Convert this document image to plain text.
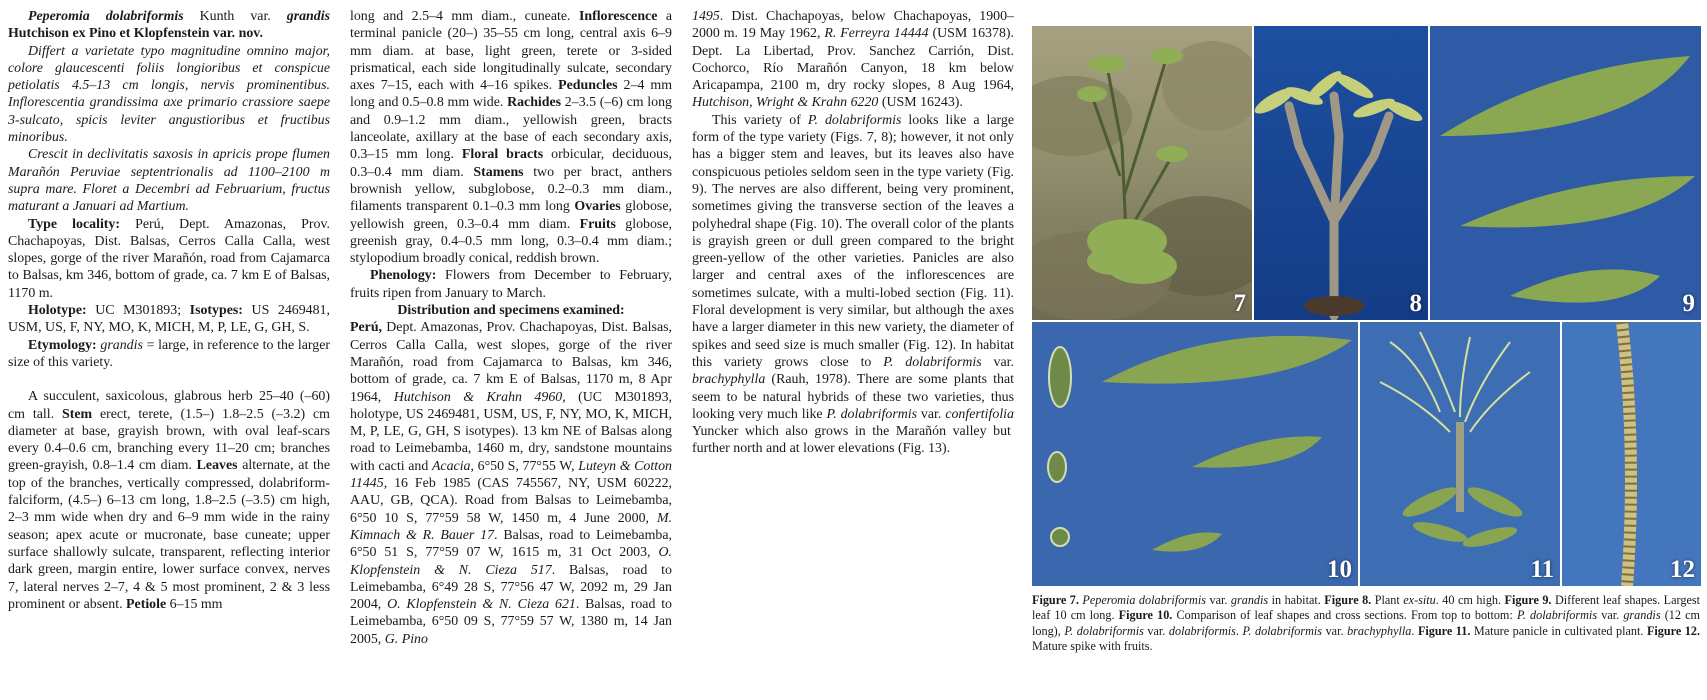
Peperomia dolabriformis Kunth var. grandis Hutchison ex Pino et Klopfenstein var. nov.

Differt a varietate typo magnitudine omnino major, colore glaucescenti foliis longioribus et conspicue petiolatis 4.5–13 cm longis, nervis prominentibus. Inflorescentia grandissima axe primario crassiore saepe 3-sulcato, spicis leviter angustioribus et fructibus minoribus.

Crescit in declivitatis saxosis in apricis prope flumen Marañón Peruviae septentrionalis ad 1100–2100 m supra mare. Floret a Decembri ad Februarium, fructus maturant a Januari ad Martium.

Type locality: Perú, Dept. Amazonas, Prov. Chachapoyas, Dist. Balsas, Cerros Calla Calla, west slopes, gorge of the river Marañón, road from Cajamarca to Balsas, km 346, bottom of grade, ca. 7 km E of Balsas, 1170 m.

Holotype: UC M301893; Isotypes: US 2469481, USM, US, F, NY, MO, K, MICH, M, P, LE, G, GH, S.

Etymology: grandis = large, in reference to the larger size of this variety.

A succulent, saxicolous, glabrous herb 25–40 (–60) cm tall. Stem erect, terete, (1.5–) 1.8–2.5 (–3.2) cm diameter at base, grayish brown, with oval leaf-scars every 0.4–0.6 cm, branching every 11–20 cm; branches green-grayish, 0.8–1.4 cm diam. Leaves alternate, at the top of the branches, vertically compressed, dolabriform-falciform, (4.5–) 6–13 cm long, 1.8–2.5 (–3.5) cm high, 2–3 mm wide when dry and 6–9 mm wide in the rainy season; apex acute or mucronate, base cuneate; upper surface shallowly sulcate, transparent, reflecting interior dark green, margin entire, lower surface convex, nerves 7, lateral nerves 2–7, 4 & 5 most prominent, 2 & 3 less prominent or absent. Petiole 6–15 mm

long and 2.5–4 mm diam., cuneate. Inflorescence a terminal panicle (20–) 35–55 cm long, central axis 6–9 mm diam. at base, light green, terete or 3-sided prismatical, each side longitudinally sulcate, secondary axes 7–15, each with 4–16 spikes. Peduncles 2–4 mm long and 0.5–0.8 mm wide. Rachides 2–3.5 (–6) cm long and 0.9–1.2 mm diam., yellowish green, bracts lanceolate, axillary at the base of each secondary axis, 0.3–15 mm long. Floral bracts orbicular, deciduous, 0.3–0.4 mm diam. Stamens two per bract, anthers brownish yellow, subglobose, 0.2–0.3 mm diam., filaments transparent 0.1–0.3 mm long Ovaries globose, yellowish green, 0.3–0.4 mm diam. Fruits globose, greenish gray, 0.4–0.5 mm long, 0.3–0.4 mm diam.; stylopodium broadly conical, reddish brown.

Phenology: Flowers from December to February, fruits ripen from January to March.

Distribution and specimens examined:

Perú, Dept. Amazonas, Prov. Chachapoyas, Dist. Balsas, Cerros Calla Calla, west slopes, gorge of the river Marañón, road from Cajamarca to Balsas, km 346, bottom of grade, ca. 7 km E of Balsas, 1170 m, 8 Apr 1964, Hutchison & Krahn 4960, (UC M301893, holotype, US 2469481, USM, US, F, NY, MO, K, MICH, M, P, LE, G, GH, S isotypes). 13 km NE of Balsas along road to Leimebamba, 1460 m, dry, sandstone mountains with cacti and Acacia, 6°50 S, 77°55 W, Luteyn & Cotton 11445, 16 Feb 1985 (CAS 745567, NY, USM 60222, AAU, GB, QCA). Road from Balsas to Leimebamba, 6°50 10 S, 77°59 58 W, 1450 m, 4 June 2000, M. Kimnach & R. Bauer 17. Balsas, road to Leimebamba, 6°50 51 S, 77°59 07 W, 1615 m, 31 Oct 2003, O. Klopfenstein & N. Cieza 517. Balsas, road to Leimebamba, 6°49 28 S, 77°56 47 W, 2092 m, 29 Jan 2004, O. Klopfenstein & N. Cieza 621. Balsas, road to Leimebamba, 6°50 09 S, 77°59 57 W, 1380 m, 14 Jan 2005, G. Pino

1495. Dist. Chachapoyas, below Chachapoyas, 1900–2000 m. 19 May 1962, R. Ferreyra 14444 (USM 16378). Dept. La Libertad, Prov. Sanchez Carrión, Dist. Cochorco, Río Marañón Canyon, 18 km below Aricapampa, 2100 m, dry rocky slopes, 8 Aug 1964, Hutchison, Wright & Krahn 6220 (USM 16243).

This variety of P. dolabriformis looks like a large form of the type variety (Figs. 7, 8); however, it not only has a bigger stem and leaves, but its leaves also have conspicuous petioles seldom seen in the type variety (Fig. 9). The nerves are also different, being very prominent, sometimes giving the transverse section of the leaves a polyhedral shape (Fig. 10). The overall color of the plants is grayish green or dull green compared to the bright green-yellow of the other varieties. Panicles are also larger and central axes of the inflorescences are sometimes sulcate, with a multi-lobed section (Fig. 11). Floral development is very similar, but although the axes have a larger diameter in this new variety, the diameter of spikes and seed size is much smaller (Fig. 12). In habitat this variety grows close to P. dolabriformis var. brachyphylla (Rauh, 1978). There are some plants that seem to be natural hybrids of these two varieties, thus looking very much like P. dolabriformis var. confertifolia Yuncker which also grows in the Marañón valley but further north and at lower elevations (Fig. 13).

7	8	9
10	11	12
Figure 7. Peperomia dolabriformis var. grandis in habitat. Figure 8. Plant ex-situ. 40 cm high. Figure 9. Different leaf shapes. Largest leaf 10 cm long. Figure 10. Comparison of leaf shapes and cross sections. From top to bottom: P. dolabriformis var. grandis (12 cm long), P. dolabriformis var. dolabriformis. P. dolabriformis var. brachyphylla. Figure 11. Mature panicle in cultivated plant. Figure 12. Mature spike with fruits.
